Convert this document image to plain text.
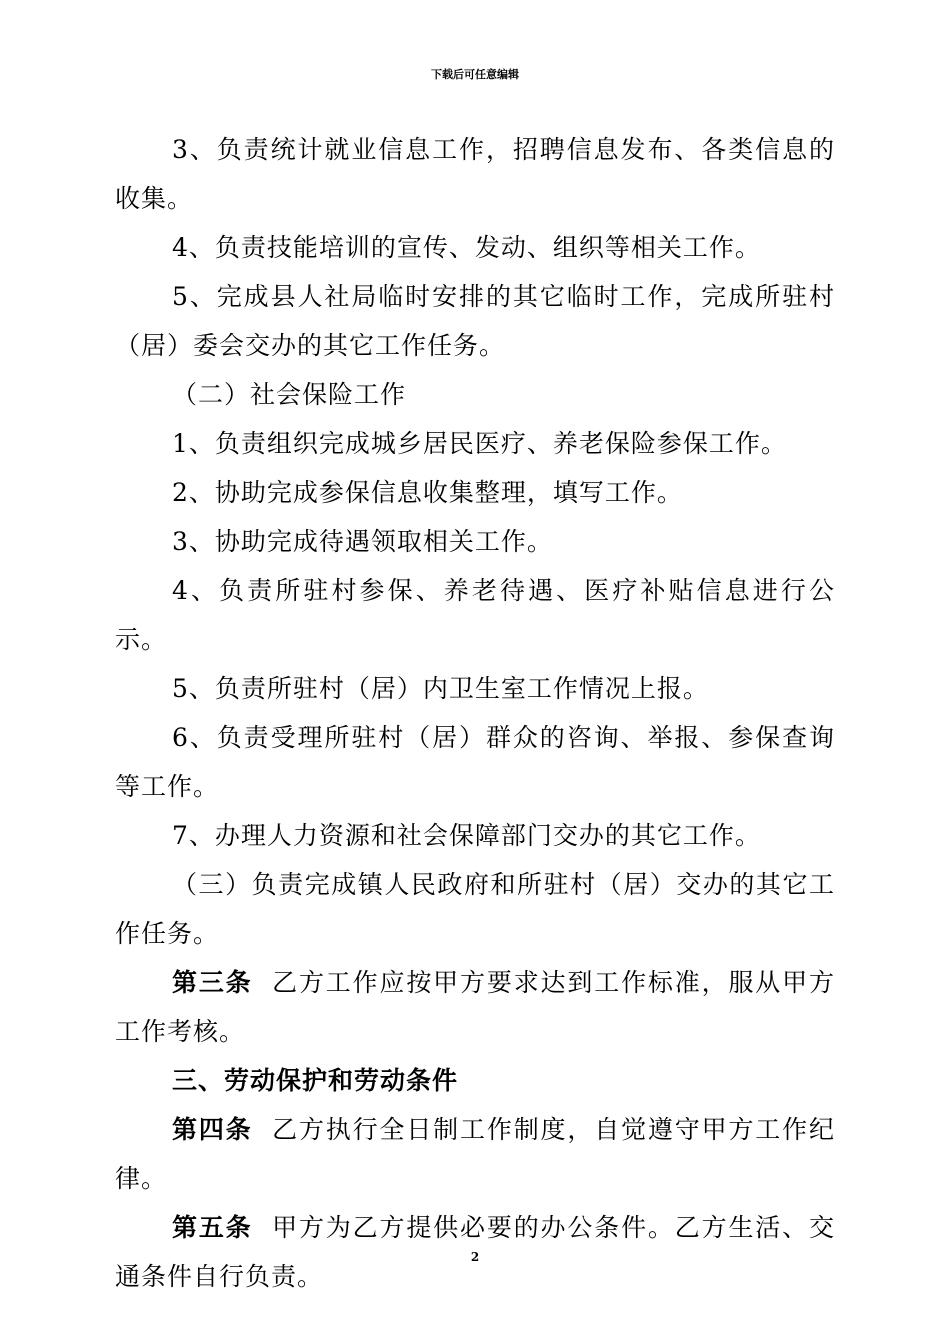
下载后可任意编辑

3、负责统计就业信息工作，招聘信息发布、各类信息的收集。

4、负责技能培训的宣传、发动、组织等相关工作。

5、完成县人社局临时安排的其它临时工作，完成所驻村（居）委会交办的其它工作任务。

（二）社会保险工作

1、负责组织完成城乡居民医疗、养老保险参保工作。

2、协助完成参保信息收集整理，填写工作。

3、协助完成待遇领取相关工作。

4、负责所驻村参保、养老待遇、医疗补贴信息进行公示。

5、负责所驻村（居）内卫生室工作情况上报。

6、负责受理所驻村（居）群众的咨询、举报、参保查询等工作。

7、办理人力资源和社会保障部门交办的其它工作。

（三）负责完成镇人民政府和所驻村（居）交办的其它工作任务。

第三条 乙方工作应按甲方要求达到工作标准，服从甲方工作考核。

三、劳动保护和劳动条件

第四条 乙方执行全日制工作制度，自觉遵守甲方工作纪律。

第五条 甲方为乙方提供必要的办公条件。乙方生活、交通条件自行负责。

2
